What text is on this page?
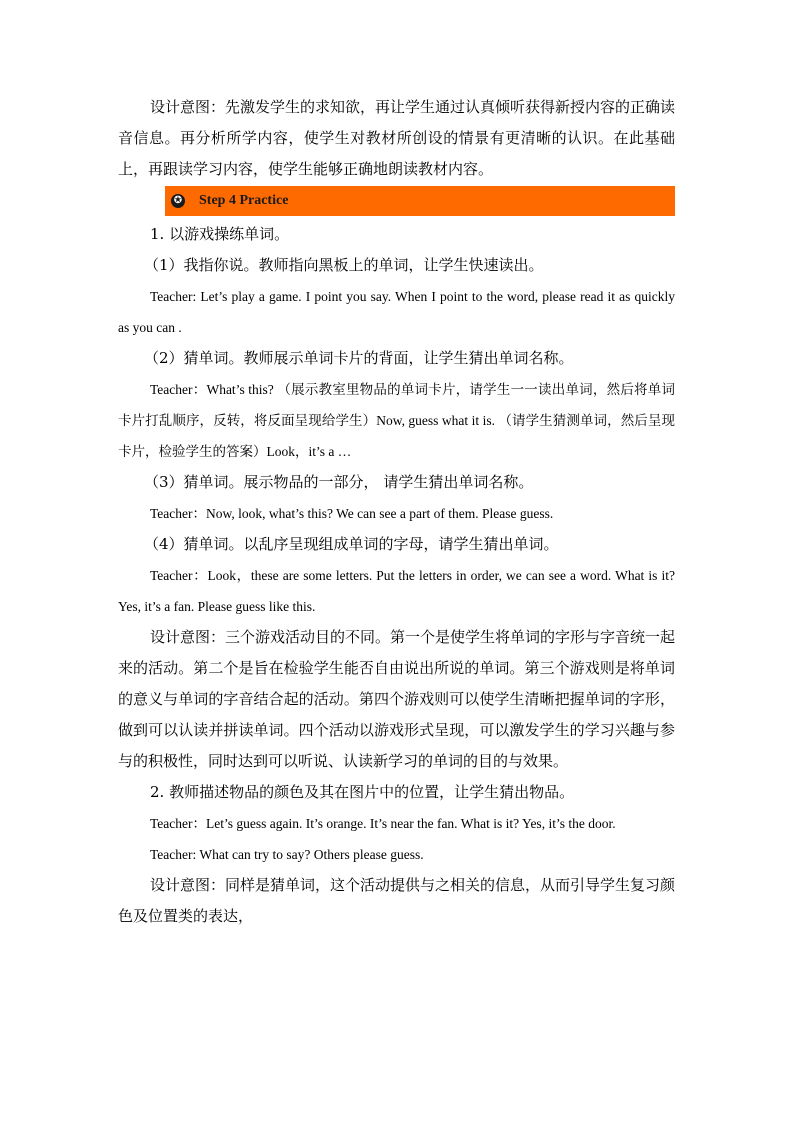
设计意图：先激发学生的求知欲，再让学生通过认真倾听获得新授内容的正确读音信息。再分析所学内容，使学生对教材所创设的情景有更清晰的认识。在此基础上，再跟读学习内容，使学生能够正确地朗读教材内容。

✪ Step 4 Practice

1. 以游戏操练单词。

（1）我指你说。教师指向黑板上的单词，让学生快速读出。

Teacher: Let’s play a game. I point you say. When I point to the word, please read it as quickly as you can .

（2）猜单词。教师展示单词卡片的背面，让学生猜出单词名称。

Teacher：What’s this? （展示教室里物品的单词卡片，请学生一一读出单词，然后将单词卡片打乱顺序，反转，将反面呈现给学生）Now, guess what it is. （请学生猜测单词，然后呈现卡片，检验学生的答案）Look，it’s a …

（3）猜单词。展示物品的一部分， 请学生猜出单词名称。

Teacher：Now, look, what’s this? We can see a part of them. Please guess.

（4）猜单词。以乱序呈现组成单词的字母，请学生猜出单词。

Teacher：Look，these are some letters. Put the letters in order, we can see a word. What is it? Yes, it’s a fan. Please guess like this.

设计意图：三个游戏活动目的不同。第一个是使学生将单词的字形与字音统一起来的活动。第二个是旨在检验学生能否自由说出所说的单词。第三个游戏则是将单词的意义与单词的字音结合起的活动。第四个游戏则可以使学生清晰把握单词的字形，做到可以认读并拼读单词。四个活动以游戏形式呈现，可以激发学生的学习兴趣与参与的积极性，同时达到可以听说、认读新学习的单词的目的与效果。

2. 教师描述物品的颜色及其在图片中的位置，让学生猜出物品。

Teacher：Let’s guess again. It’s orange. It’s near the fan. What is it? Yes, it’s the door.

Teacher: What can try to say? Others please guess.

设计意图：同样是猜单词，这个活动提供与之相关的信息，从而引导学生复习颜色及位置类的表达，
